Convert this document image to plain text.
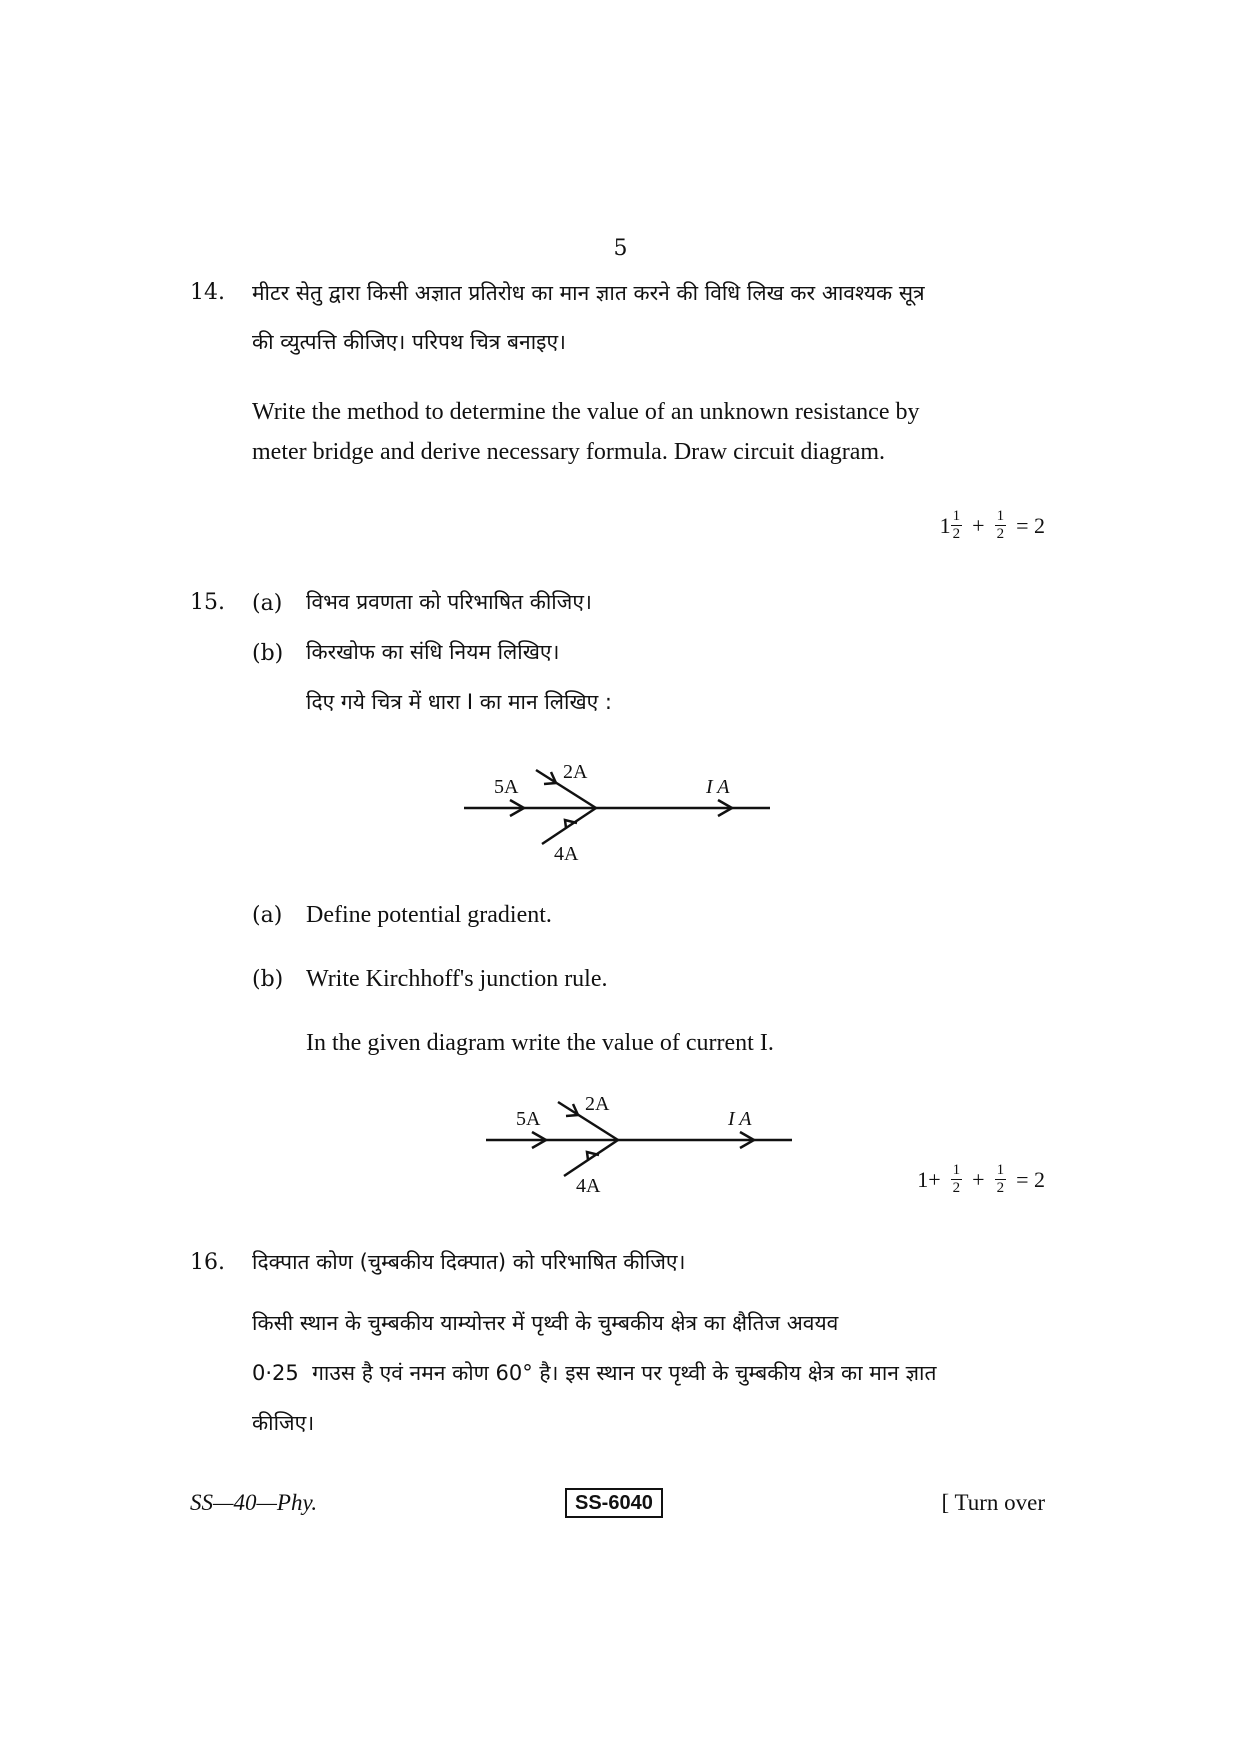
5
14. मीटर सेतु द्वारा किसी अज्ञात प्रतिरोध का मान ज्ञात करने की विधि लिख कर आवश्यक सूत्र
की व्युत्पत्ति कीजिए। परिपथ चित्र बनाइए।
Write the method to determine the value of an unknown resistance by
meter bridge and derive necessary formula. Draw circuit diagram.
$1 \frac{1}{2} + \frac{1}{2} = 2$
15. (a) विभव प्रवणता को परिभाषित कीजिए।
(b) किरखोफ का संधि नियम लिखिए।
दिए गये चित्र में धारा I का मान लिखिए :
5A
2A
I A
4A
(a) Define potential gradient.
(b) Write Kirchhoff's junction rule.
In the given diagram write the value of current I.
5A
2A
I A
4A	$1+ \frac{1}{2} + \frac{1}{2} = 2$
16. दिक्पात कोण (चुम्बकीय दिक्पात) को परिभाषित कीजिए।
किसी स्थान के चुम्बकीय याम्योत्तर में पृथ्वी के चुम्बकीय क्षेत्र का क्षैतिज अवयव
0·25  गाउस है एवं नमन कोण 60° है। इस स्थान पर पृथ्वी के चुम्बकीय क्षेत्र का मान ज्ञात
कीजिए।
SS—40—Phy.	SS-6040	[ Turn over
